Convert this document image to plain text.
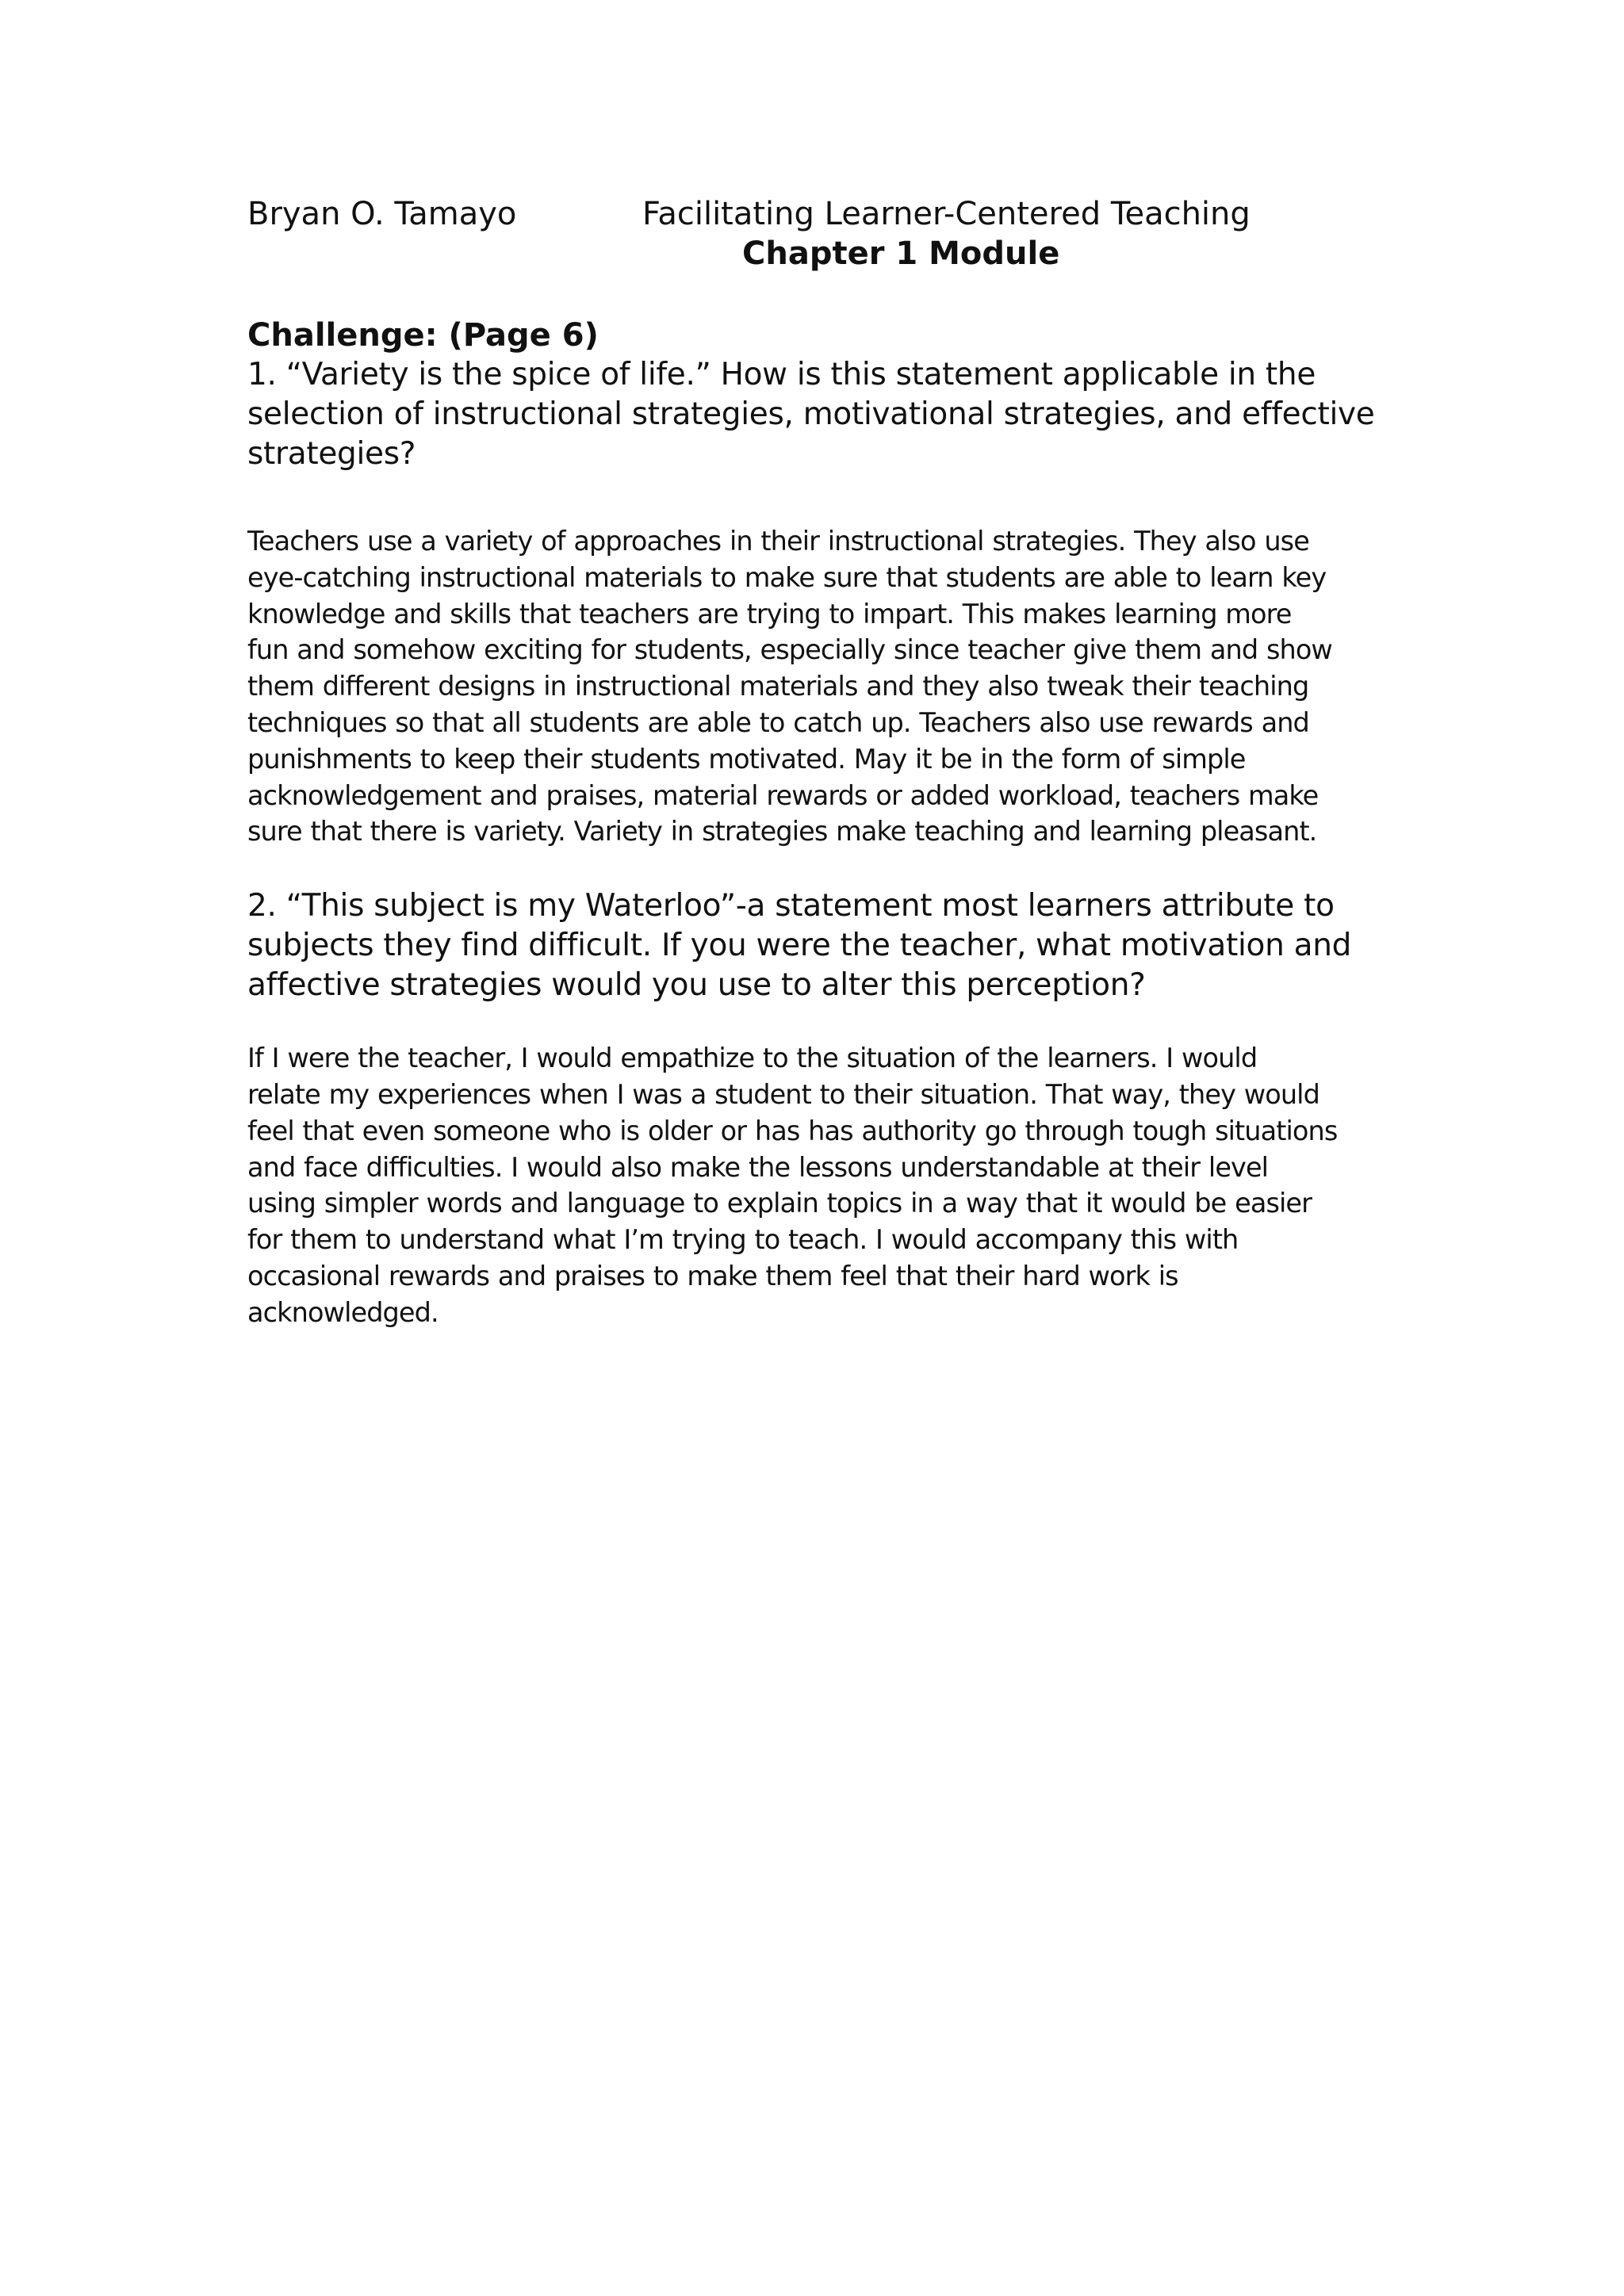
Bryan O. Tamayo	Facilitating Learner-Centered Teaching
Chapter 1 Module

Challenge: (Page 6)

1. “Variety is the spice of life.” How is this statement applicable in the
selection of instructional strategies, motivational strategies, and effective
strategies?

Teachers use a variety of approaches in their instructional strategies. They also use
eye-catching instructional materials to make sure that students are able to learn key
knowledge and skills that teachers are trying to impart. This makes learning more
fun and somehow exciting for students, especially since teacher give them and show
them different designs in instructional materials and they also tweak their teaching
techniques so that all students are able to catch up. Teachers also use rewards and
punishments to keep their students motivated. May it be in the form of simple
acknowledgement and praises, material rewards or added workload, teachers make
sure that there is variety. Variety in strategies make teaching and learning pleasant.

2. “This subject is my Waterloo”-a statement most learners attribute to
subjects they find difficult. If you were the teacher, what motivation and
affective strategies would you use to alter this perception?

If I were the teacher, I would empathize to the situation of the learners. I would
relate my experiences when I was a student to their situation. That way, they would
feel that even someone who is older or has has authority go through tough situations
and face difficulties. I would also make the lessons understandable at their level
using simpler words and language to explain topics in a way that it would be easier
for them to understand what I’m trying to teach. I would accompany this with
occasional rewards and praises to make them feel that their hard work is
acknowledged.
